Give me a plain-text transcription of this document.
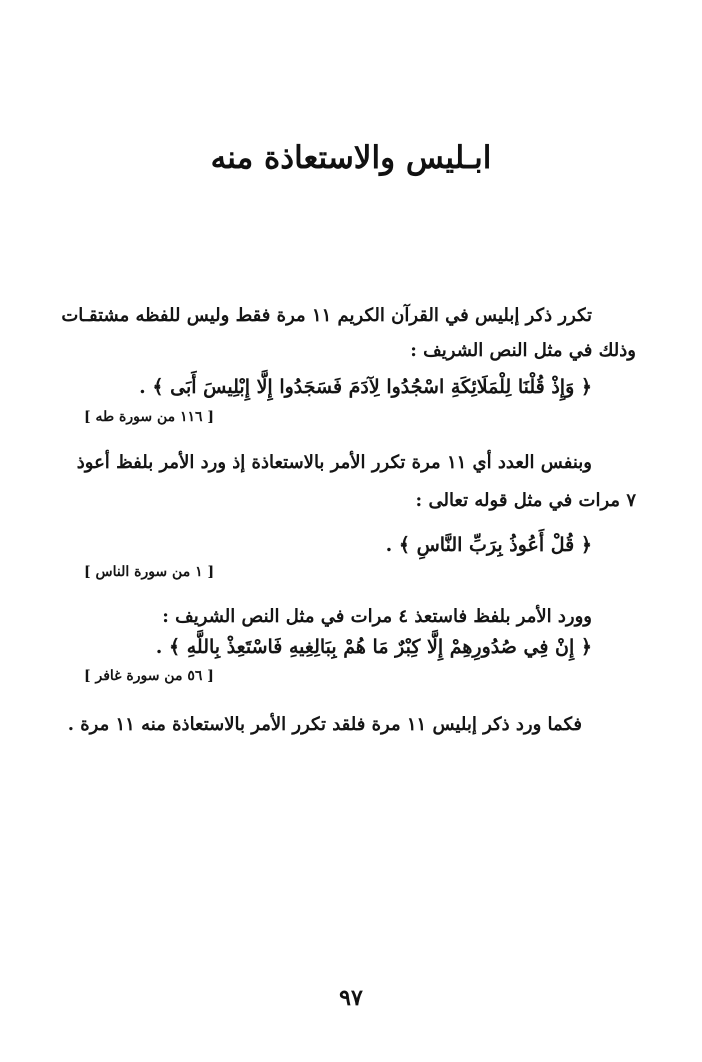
ابـليس والاستعاذة منه
تكرر ذكر إبليس في القرآن الكريم ١١ مرة فقط وليس للفظه مشتقـات
وذلك في مثل النص الشريف :
﴿ وَإِذْ قُلْنَا لِلْمَلَائِكَةِ اسْجُدُوا لِآدَمَ فَسَجَدُوا إِلَّا إِبْلِيسَ أَبَى ﴾ .
[ ١١٦ من سورة طه ]
وبنفس العدد أي ١١ مرة تكرر الأمر بالاستعاذة إذ ورد الأمر بلفظ أعوذ
٧ مرات في مثل قوله تعالى :
﴿ قُلْ أَعُوذُ بِرَبِّ النَّاسِ ﴾ .
[ ١ من سورة الناس ]
وورد الأمر بلفظ فاستعذ ٤ مرات في مثل النص الشريف :
﴿ إِنْ فِي صُدُورِهِمْ إِلَّا كِبْرٌ مَا هُمْ بِبَالِغِيهِ فَاسْتَعِذْ بِاللَّهِ ﴾ .
[ ٥٦ من سورة غافر ]
فكما ورد ذكر إبليس ١١ مرة فلقد تكرر الأمر بالاستعاذة منه ١١ مرة .
٩٧
